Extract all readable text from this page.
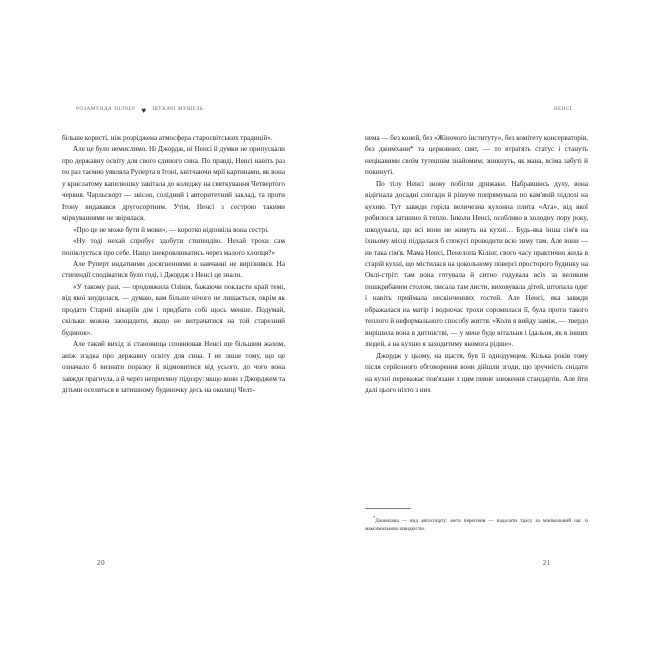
розамунда пілчер ♥ шукачі мушель

більше користі, ніж розріджена атмосфера старосвітських традицій».

Але це було немислимо. Ні Джордж, ні Ненсі й думки не припускали про державну освіту для свого єдиного сина. По правді, Ненсі навіть раз по раз таємно уявляла Руперта в Ітоні, квітчаючи мрії картинами, як вона у крислатому капелюшку завітала до коледжу на святкування Четвертого червня. Чарльсворт — звісно, солідний і авторитетний заклад, та проти Ітону видавався другосортним. Утім, Ненсі з сестрою такими міркуваннями не звірялася.

«Про це не може бути й мови», — коротко відповіла вона сестрі.

«Ну тоді нехай спробує здобути стипендію. Нехай трохи сам попіклується про себе. Нащо знекровлюватись через малого хлопця?»

Але Руперт видатними досягненнями в навчанні не вирізнявся. На стипендії сподіватися було годі, і Джордж з Ненсі це знали.

«У такому разі, — продовжила Олівія, бажаючи покласти край темі, від якої знудилася, — думаю, вам більше нічого не лишається, окрім як продати Старий вікаріїв дім і придбати собі щось менше. Подумай, скільки можна заощадити, якщо не витрачатися на той старезний будинок».

Але такий вихід зі становища сповнював Ненсі ще більшим жахом, аніж згадка про державну освіту для сина. І не лише тому, що це означало б визнати поразку й відмовитися від усього, до чого вона завжди прагнула, а й через неприємну підозру: якщо вони з Джорджем та дітьми оселяться в затишному будиночку десь на околиці Челт-

20
ненсі

нема — без коней, без «Жіночого інституту», без комітету консерваторів, без джимхани* та церковних свят, — то втратять статус і стануть нецікавими своїм тутешнім знайомим; зникнуть, як мана, всіма забуті й покинуті.

По тілу Ненсі знову побігли дрижаки. Набравшись духу, вона відігнала досадні спогади й рішуче попрямувала по кам'яній підлозі на кухню. Тут завжди горіла величезна кухонна плита «Ага», від якої робилося затишно й тепло. Інколи Ненсі, особливо в холодну пору року, шкодувала, що всі вони не живуть на кухні… Будь-яка інша сім'я на їхньому місці піддалася б спокусі проводити всю зиму там. Але вони — не така сім'я. Мама Ненсі, Пенелопа Кілінг, свого часу практично жила в старій кухні, що містилася на цокольному поверсі просторого будинку на Оклі-стріт: там вона готувала й ситно годувала всіх за великим пошкрябаним столом, писала там листи, виховувала дітей, штопала одяг і навіть приймала нескінченних гостей. Але Ненсі, яка завжди ображалася на матір і водночас трохи соромилася її, була проти такого теплого й неформального способу життя. «Коли я вийду заміж, — твердо вирішила вона в дитинстві, — у мене буде вітальня і їдальня, як в інших людей, а на кухню я заходитиму якомога рідше».

Джордж у цьому, на щастя, був її однодумцем. Кілька років тому після серйозного обговорення вони дійшли згоди, що зручність снідати на кухні переважає пов'язане з цим певне зниження стандартів. Але йти далі цього ніхто з них

*Джимхана — вид автоспорту; мета перегонів — подолати трасу за мінімальний час із максимальною швидкістю.

21
